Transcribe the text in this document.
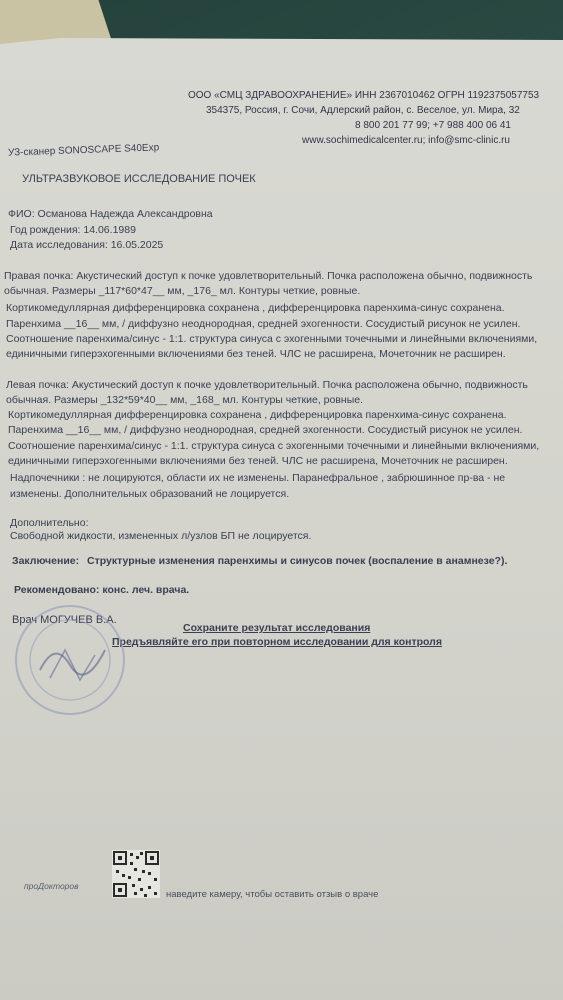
ООО «СМЦ ЗДРАВООХРАНЕНИЕ» ИНН 2367010462 ОГРН 1192375057753
354375, Россия, г. Сочи, Адлерский район, с. Веселое, ул. Мира, 32
8 800 201 77 99; +7 988 400 06 41
www.sochimedicalcenter.ru; info@smc-clinic.ru
УЗ-сканер SONOSCAPE S40Exp
УЛЬТРАЗВУКОВОЕ ИССЛЕДОВАНИЕ ПОЧЕК
ФИО: Османова Надежда Александровна
Год рождения: 14.06.1989
Дата исследования: 16.05.2025
Правая почка: Акустический доступ к почке удовлетворительный. Почка расположена обычно, подвижность
обычная. Размеры _117*60*47__ мм, _176_ мл. Контуры четкие, ровные.
Кортикомедуллярная дифференцировка сохранена , дифференцировка паренхима-синус сохранена.
Паренхима __16__ мм, / диффузно неоднородная, средней эхогенности. Сосудистый рисунок не усилен.
Соотношение паренхима/синус - 1:1. структура синуса с эхогенными точечными и линейными включениями,
единичными гиперэхогенными включениями без теней. ЧЛС не расширена, Мочеточник не расширен.
Левая почка: Акустический доступ к почке удовлетворительный. Почка расположена обычно, подвижность
обычная. Размеры _132*59*40__ мм, _168_ мл. Контуры четкие, ровные.
Кортикомедуллярная дифференцировка сохранена , дифференцировка паренхима-синус сохранена.
Паренхима __16__ мм, / диффузно неоднородная, средней эхогенности. Сосудистый рисунок не усилен.
Соотношение паренхима/синус - 1:1. структура синуса с эхогенными точечными и линейными включениями,
единичными гиперэхогенными включениями без теней. ЧЛС не расширена, Мочеточник не расширен.
Надпочечники : не лоцируются, области их не изменены. Паранефральное , забрюшинное пр-ва - не
изменены. Дополнительных образований не лоцируется.
Дополнительно:
Свободной жидкости, измененных л/узлов БП не лоцируется.
Заключение: Структурные изменения паренхимы и синусов почек (воспаление в анамнезе?).
Рекомендовано: конс. леч. врача.
Врач МОГУЧЕВ В.А.
Сохраните результат исследования
Предъявляйте его при повторном исследовании для контроля
проДокторов
наведите камеру, чтобы оставить отзыв о враче
